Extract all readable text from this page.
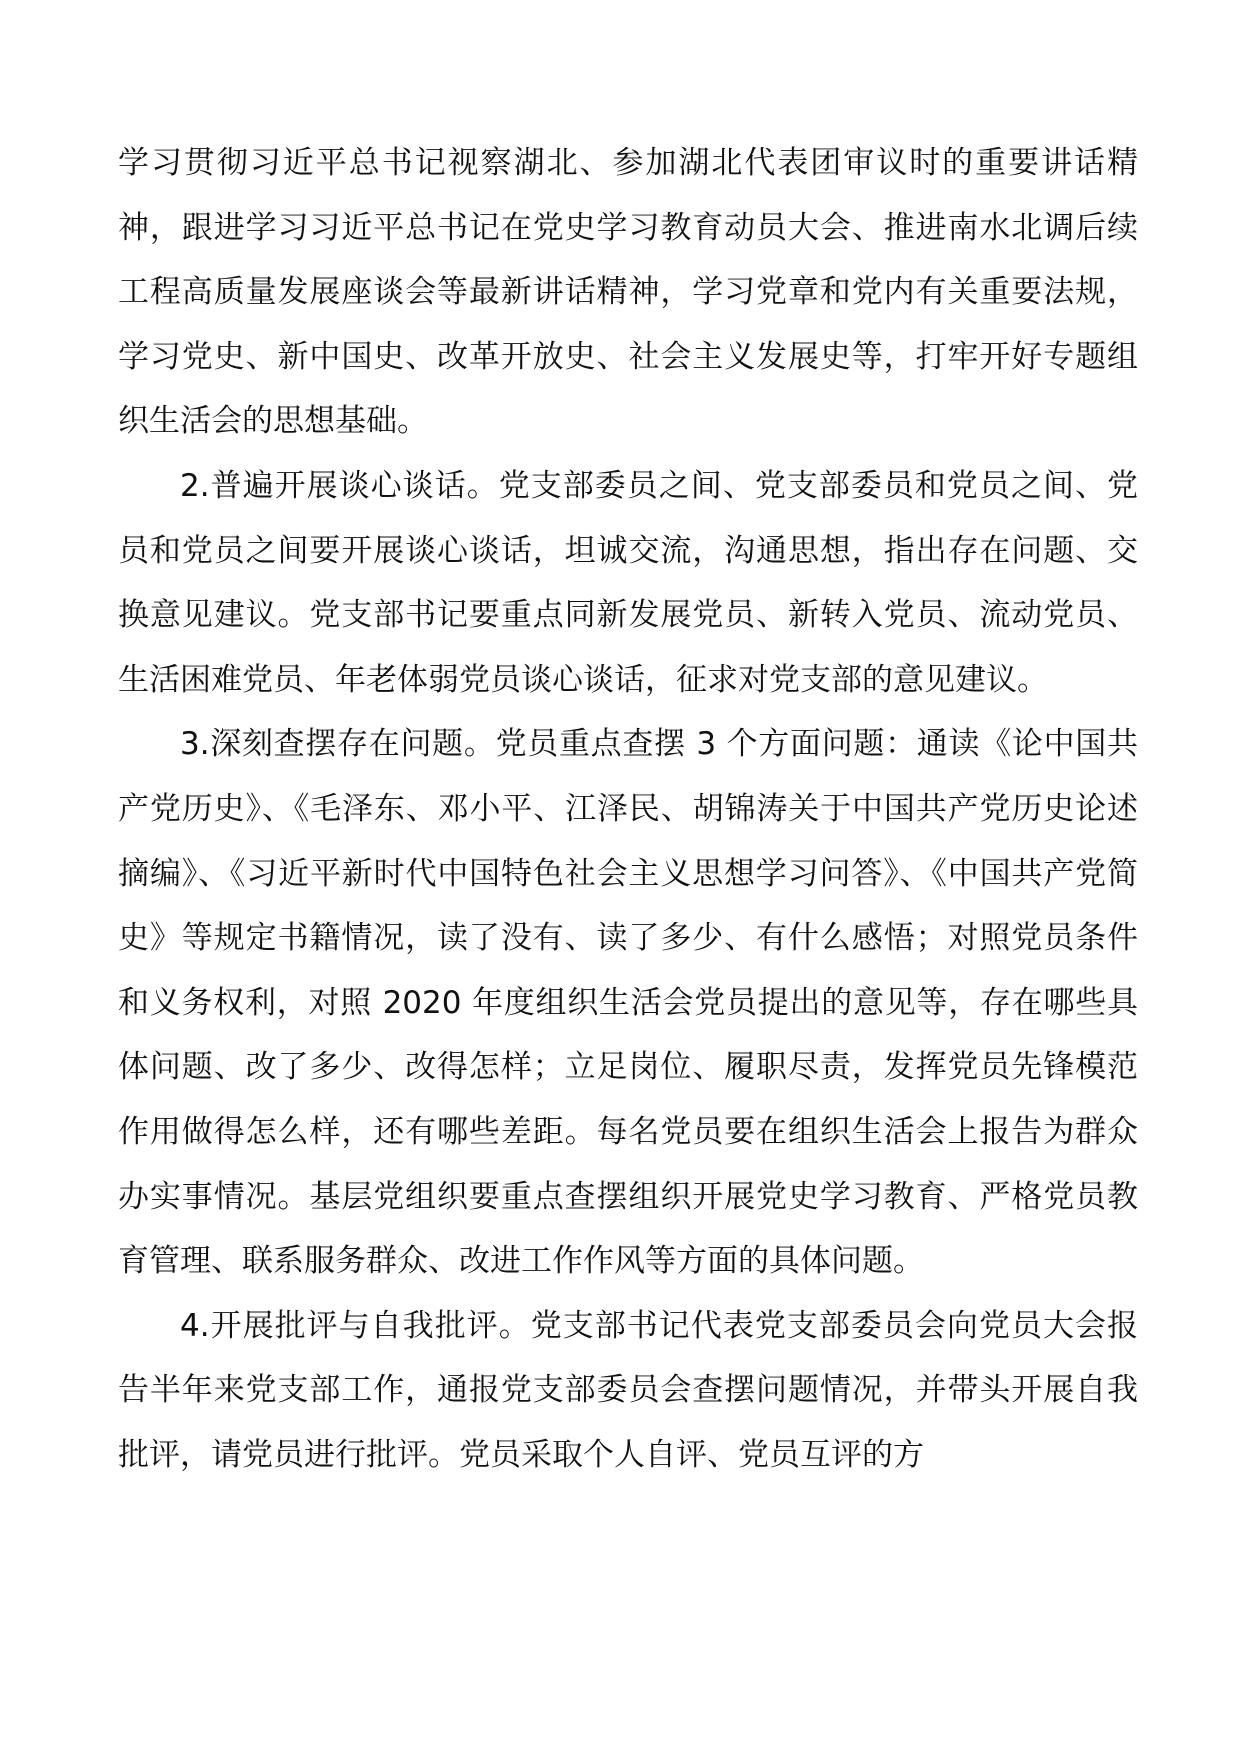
学习贯彻习近平总书记视察湖北、参加湖北代表团审议时的重要讲话精神，跟进学习习近平总书记在党史学习教育动员大会、推进南水北调后续工程高质量发展座谈会等最新讲话精神，学习党章和党内有关重要法规，学习党史、新中国史、改革开放史、社会主义发展史等，打牢开好专题组织生活会的思想基础。

2.普遍开展谈心谈话。党支部委员之间、党支部委员和党员之间、党员和党员之间要开展谈心谈话，坦诚交流，沟通思想，指出存在问题、交换意见建议。党支部书记要重点同新发展党员、新转入党员、流动党员、生活困难党员、年老体弱党员谈心谈话，征求对党支部的意见建议。

3.深刻查摆存在问题。党员重点查摆 3 个方面问题：通读《论中国共产党历史》、《毛泽东、邓小平、江泽民、胡锦涛关于中国共产党历史论述摘编》、《习近平新时代中国特色社会主义思想学习问答》、《中国共产党简史》等规定书籍情况，读了没有、读了多少、有什么感悟；对照党员条件和义务权利，对照 2020 年度组织生活会党员提出的意见等，存在哪些具体问题、改了多少、改得怎样；立足岗位、履职尽责，发挥党员先锋模范作用做得怎么样，还有哪些差距。每名党员要在组织生活会上报告为群众办实事情况。基层党组织要重点查摆组织开展党史学习教育、严格党员教育管理、联系服务群众、改进工作作风等方面的具体问题。

4.开展批评与自我批评。党支部书记代表党支部委员会向党员大会报告半年来党支部工作，通报党支部委员会查摆问题情况，并带头开展自我批评，请党员进行批评。党员采取个人自评、党员互评的方
